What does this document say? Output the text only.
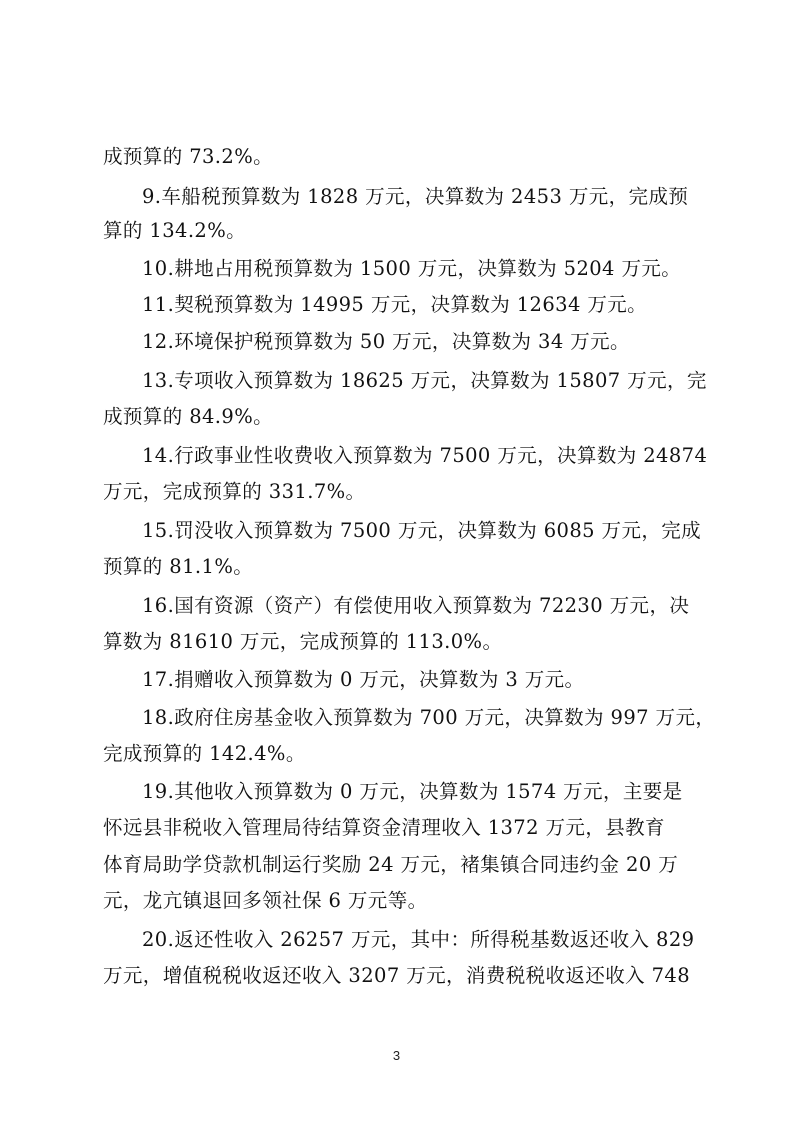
成预算的 73.2%。
9.车船税预算数为 1828 万元，决算数为 2453 万元，完成预
算的 134.2%。
10.耕地占用税预算数为 1500 万元，决算数为 5204 万元。
11.契税预算数为 14995 万元，决算数为 12634 万元。
12.环境保护税预算数为 50 万元，决算数为 34 万元。
13.专项收入预算数为 18625 万元，决算数为 15807 万元，完
成预算的 84.9%。
14.行政事业性收费收入预算数为 7500 万元，决算数为 24874
万元，完成预算的 331.7%。
15.罚没收入预算数为 7500 万元，决算数为 6085 万元，完成
预算的 81.1%。
16.国有资源（资产）有偿使用收入预算数为 72230 万元，决
算数为 81610 万元，完成预算的 113.0%。
17.捐赠收入预算数为 0 万元，决算数为 3 万元。
18.政府住房基金收入预算数为 700 万元，决算数为 997 万元，
完成预算的 142.4%。
19.其他收入预算数为 0 万元，决算数为 1574 万元，主要是
怀远县非税收入管理局待结算资金清理收入 1372 万元，县教育
体育局助学贷款机制运行奖励 24 万元，褚集镇合同违约金 20 万
元，龙亢镇退回多领社保 6 万元等。
20.返还性收入 26257 万元，其中：所得税基数返还收入 829
万元，增值税税收返还收入 3207 万元，消费税税收返还收入 748
3
